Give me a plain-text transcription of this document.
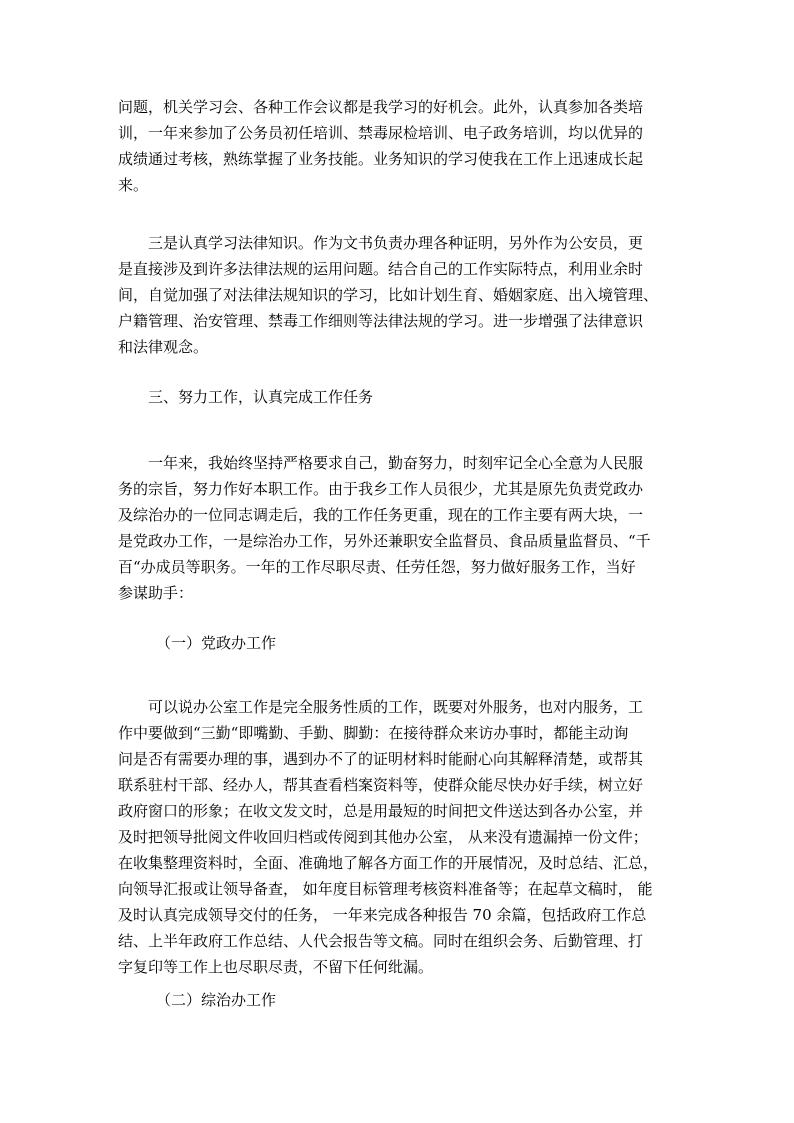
问题，机关学习会、各种工作会议都是我学习的好机会。此外，认真参加各类培
训，一年来参加了公务员初任培训、禁毒尿检培训、电子政务培训，均以优异的
成绩通过考核，熟练掌握了业务技能。业务知识的学习使我在工作上迅速成长起
来。
三是认真学习法律知识。作为文书负责办理各种证明，另外作为公安员，更
是直接涉及到许多法律法规的运用问题。结合自己的工作实际特点，利用业余时
间，自觉加强了对法律法规知识的学习，比如计划生育、婚姻家庭、出入境管理、
户籍管理、治安管理、禁毒工作细则等法律法规的学习。进一步增强了法律意识
和法律观念。
三、努力工作，认真完成工作任务
一年来，我始终坚持严格要求自己，勤奋努力，时刻牢记全心全意为人民服
务的宗旨，努力作好本职工作。由于我乡工作人员很少，尤其是原先负责党政办
及综治办的一位同志调走后，我的工作任务更重，现在的工作主要有两大块，一
是党政办工作，一是综治办工作，另外还兼职安全监督员、食品质量监督员、“千
百“办成员等职务。一年的工作尽职尽责、任劳任怨，努力做好服务工作，当好
参谋助手：
（一）党政办工作
可以说办公室工作是完全服务性质的工作，既要对外服务，也对内服务，工
作中要做到“三勤“即嘴勤、手勤、脚勤：在接待群众来访办事时，都能主动询
问是否有需要办理的事，遇到办不了的证明材料时能耐心向其解释清楚，或帮其
联系驻村干部、经办人，帮其查看档案资料等，使群众能尽快办好手续，树立好
政府窗口的形象；在收文发文时，总是用最短的时间把文件送达到各办公室，并
及时把领导批阅文件收回归档或传阅到其他办公室， 从来没有遗漏掉一份文件；
在收集整理资料时，全面、准确地了解各方面工作的开展情况，及时总结、汇总，
向领导汇报或让领导备查， 如年度目标管理考核资料准备等；在起草文稿时， 能
及时认真完成领导交付的任务， 一年来完成各种报告 70 余篇，包括政府工作总
结、上半年政府工作总结、人代会报告等文稿。同时在组织会务、后勤管理、打
字复印等工作上也尽职尽责，不留下任何纰漏。
（二）综治办工作
